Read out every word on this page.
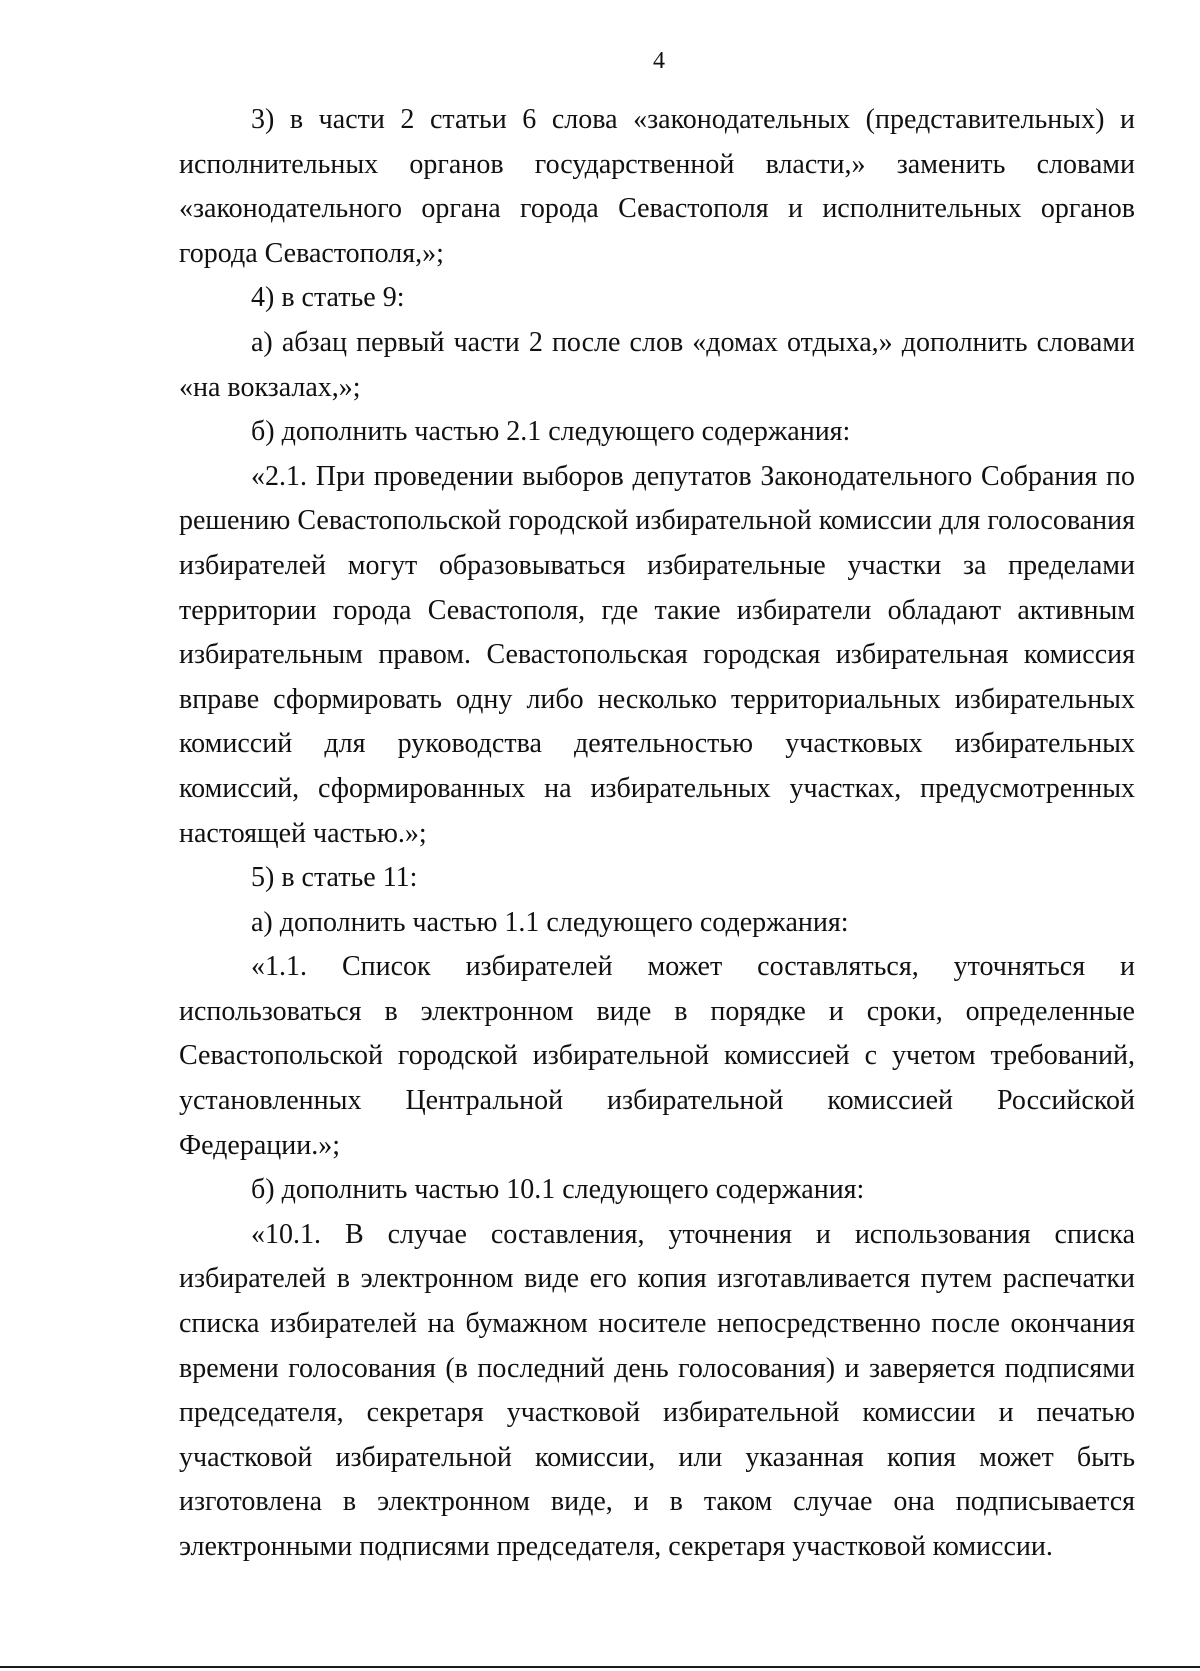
4

3) в части 2 статьи 6 слова «законодательных (представительных) и исполнительных органов государственной власти,» заменить словами «законодательного органа города Севастополя и исполнительных органов города Севастополя,»;

4) в статье 9:

а) абзац первый части 2 после слов «домах отдыха,» дополнить словами «на вокзалах,»;

б) дополнить частью 2.1 следующего содержания:

«2.1. При проведении выборов депутатов Законодательного Собрания по решению Севастопольской городской избирательной комиссии для голосования избирателей могут образовываться избирательные участки за пределами территории города Севастополя, где такие избиратели обладают активным избирательным правом. Севастопольская городская избирательная комиссия вправе сформировать одну либо несколько территориальных избирательных комиссий для руководства деятельностью участковых избирательных комиссий, сформированных на избирательных участках, предусмотренных настоящей частью.»;

5) в статье 11:

а) дополнить частью 1.1 следующего содержания:

«1.1. Список избирателей может составляться, уточняться и использоваться в электронном виде в порядке и сроки, определенные Севастопольской городской избирательной комиссией с учетом требований, установленных Центральной избирательной комиссией Российской Федерации.»;

б) дополнить частью 10.1 следующего содержания:

«10.1. В случае составления, уточнения и использования списка избирателей в электронном виде его копия изготавливается путем распечатки списка избирателей на бумажном носителе непосредственно после окончания времени голосования (в последний день голосования) и заверяется подписями председателя, секретаря участковой избирательной комиссии и печатью участковой избирательной комиссии, или указанная копия может быть изготовлена в электронном виде, и в таком случае она подписывается электронными подписями председателя, секретаря участковой комиссии.
